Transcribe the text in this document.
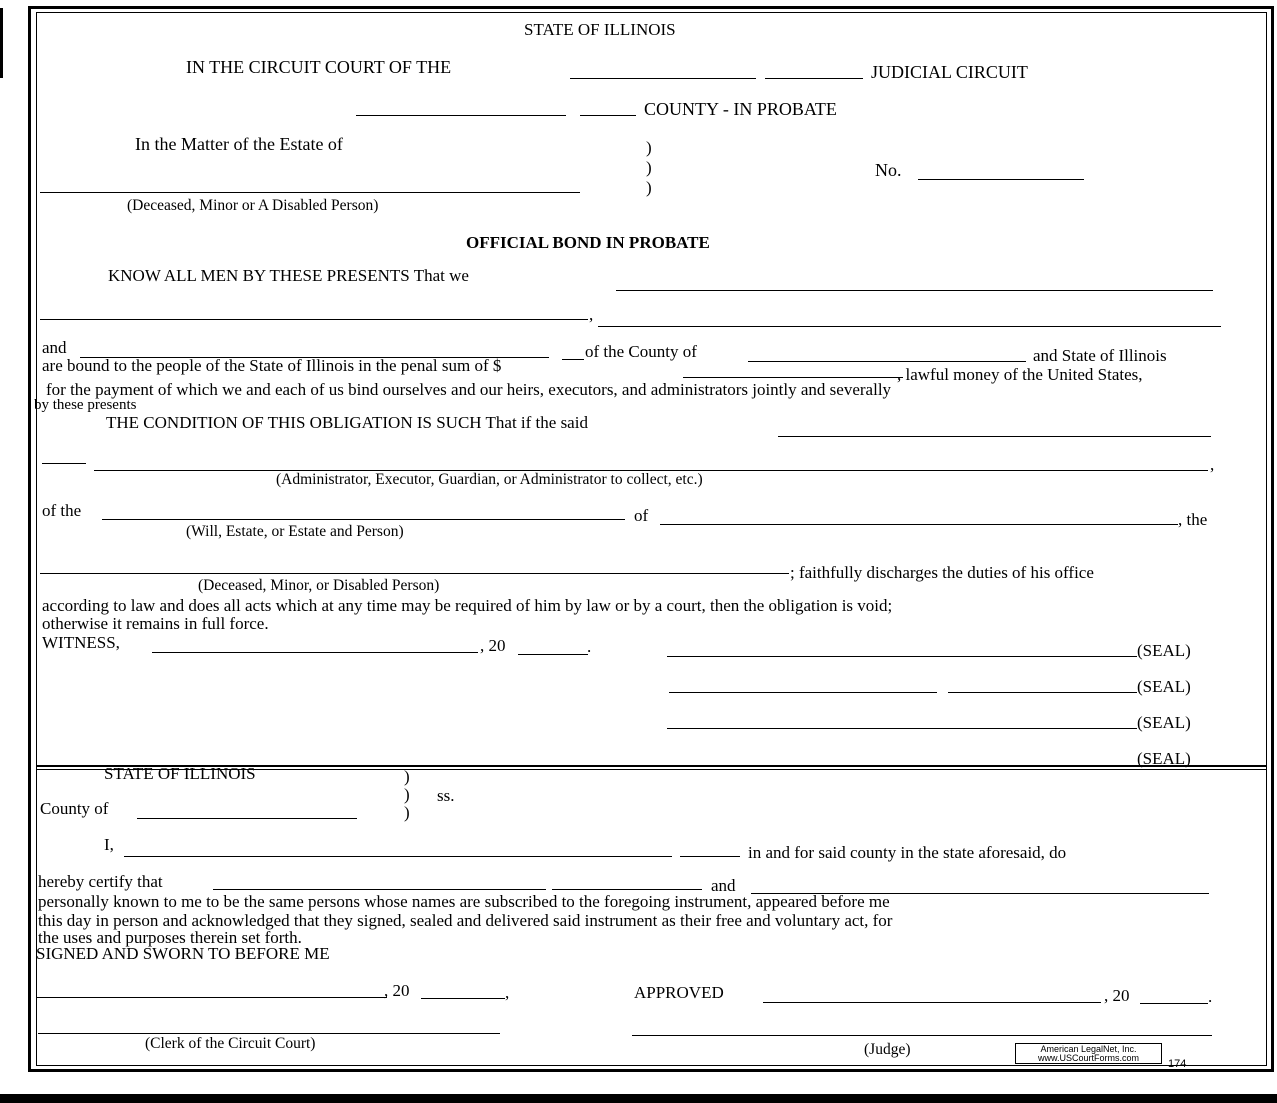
STATE OF ILLINOIS
IN THE CIRCUIT COURT OF THE	JUDICIAL CIRCUIT
COUNTY - IN PROBATE
In the Matter of the Estate of	)
)
)
No.
(Deceased, Minor or A Disabled Person)
OFFICIAL BOND IN PROBATE
KNOW ALL MEN BY THESE PRESENTS That we
,
and	of the County of	and State of Illinois
are bound to the people of the State of Illinois in the penal sum of $	, lawful money of the United States,
for the payment of which we and each of us bind ourselves and our heirs, executors, and administrators jointly and severally
by these presents
THE CONDITION OF THIS OBLIGATION IS SUCH That if the said
,
(Administrator, Executor, Guardian, or Administrator to collect, etc.)
of the	of	, the
(Will, Estate, or Estate and Person)
; faithfully discharges the duties of his office
(Deceased, Minor, or Disabled Person)
according to law and does all acts which at any time may be required of him by law or by a court, then the obligation is void;
otherwise it remains in full force.
WITNESS,	, 20	.	(SEAL)
(SEAL)
(SEAL)
(SEAL)
STATE OF ILLINOIS	)
) ss.
County of	)
I,	in and for said county in the state aforesaid, do
hereby certify that	and
personally known to me to be the same persons whose names are subscribed to the foregoing instrument, appeared before me
this day in person and acknowledged that they signed, sealed and delivered said instrument as their free and voluntary act, for
the uses and purposes therein set forth.
SIGNED AND SWORN TO BEFORE ME
, 20	,	APPROVED	, 20	.
(Clerk of the Circuit Court)	(Judge)	American LegalNet, Inc.
www.USCourtForms.com	174
